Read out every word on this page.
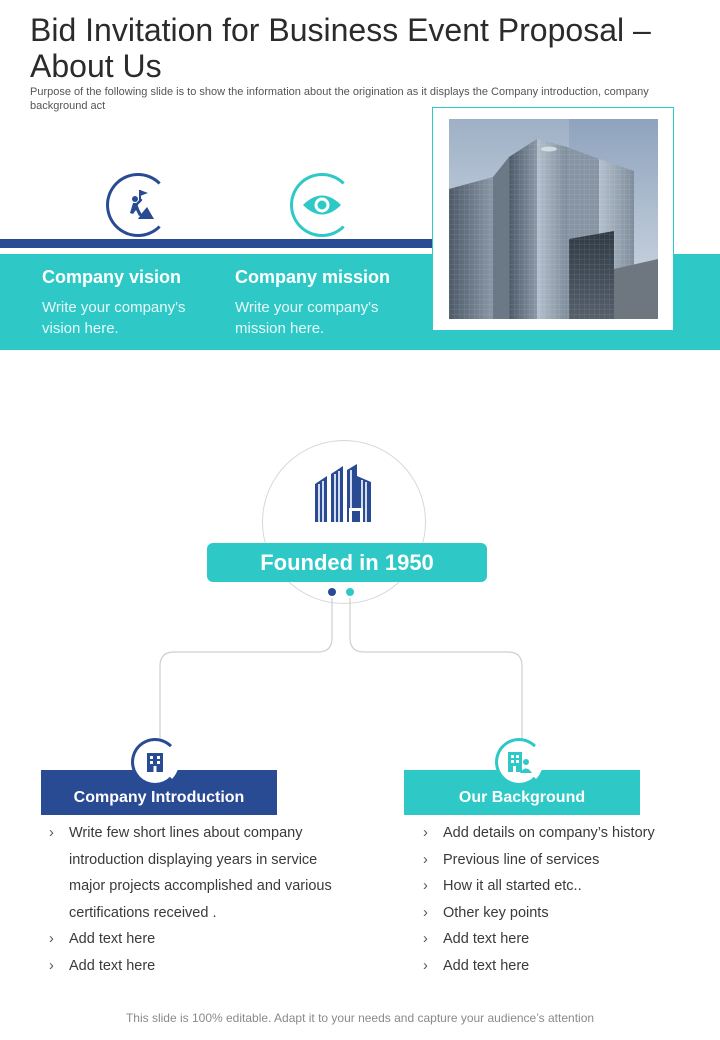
Bid Invitation for Business Event Proposal – About Us

Purpose of the following slide is to show the information about the origination as it displays the Company introduction, company background act

Company vision
Write your company's vision here.
Company mission
Write your company's mission here.
Founded in 1950
Company Introduction	Our Background
› Write few short lines about company introduction displaying years in service major projects accomplished and various certifications received .
› Add text here
› Add text here
› Add details on company’s history
› Previous line of services
› How it all started etc..
› Other key points
› Add text here
› Add text here
This slide is 100% editable. Adapt it to your needs and capture your audience’s attention
